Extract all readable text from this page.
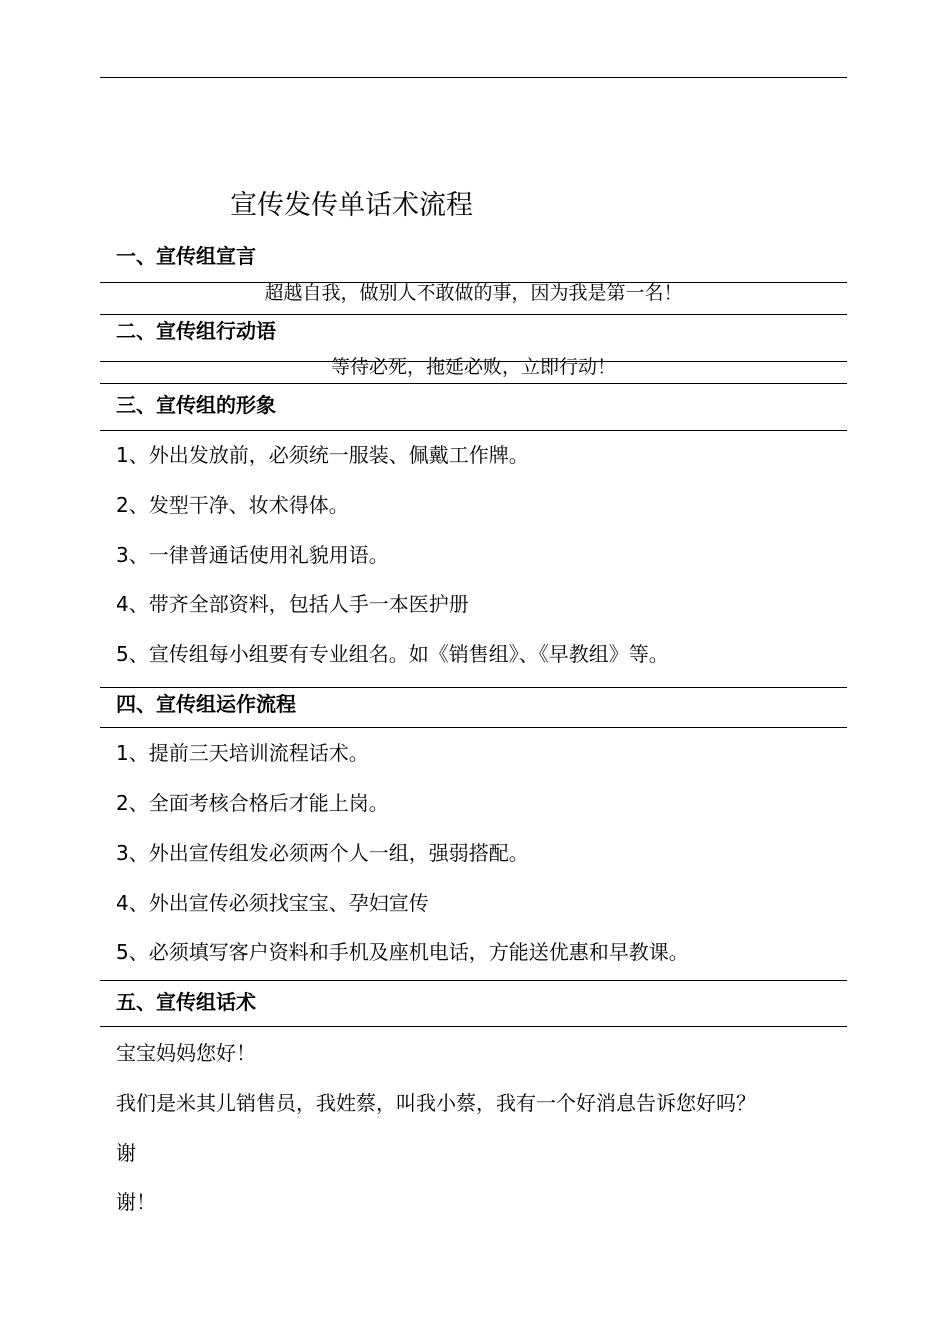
宣传发传单话术流程
一、宣传组宣言
超越自我，做别人不敢做的事，因为我是第一名！
二、宣传组行动语
等待必死，拖延必败，立即行动！
三、宣传组的形象
1、外出发放前，必须统一服装、佩戴工作牌。
2、发型干净、妆术得体。
3、一律普通话使用礼貌用语。
4、带齐全部资料，包括人手一本医护册
5、宣传组每小组要有专业组名。如《销售组》、《早教组》等。
四、宣传组运作流程
1、提前三天培训流程话术。
2、全面考核合格后才能上岗。
3、外出宣传组发必须两个人一组，强弱搭配。
4、外出宣传必须找宝宝、孕妇宣传
5、必须填写客户资料和手机及座机电话，方能送优惠和早教课。
五、宣传组话术
宝宝妈妈您好！
我们是米其儿销售员，我姓蔡，叫我小蔡，我有一个好消息告诉您好吗？
谢
谢！
